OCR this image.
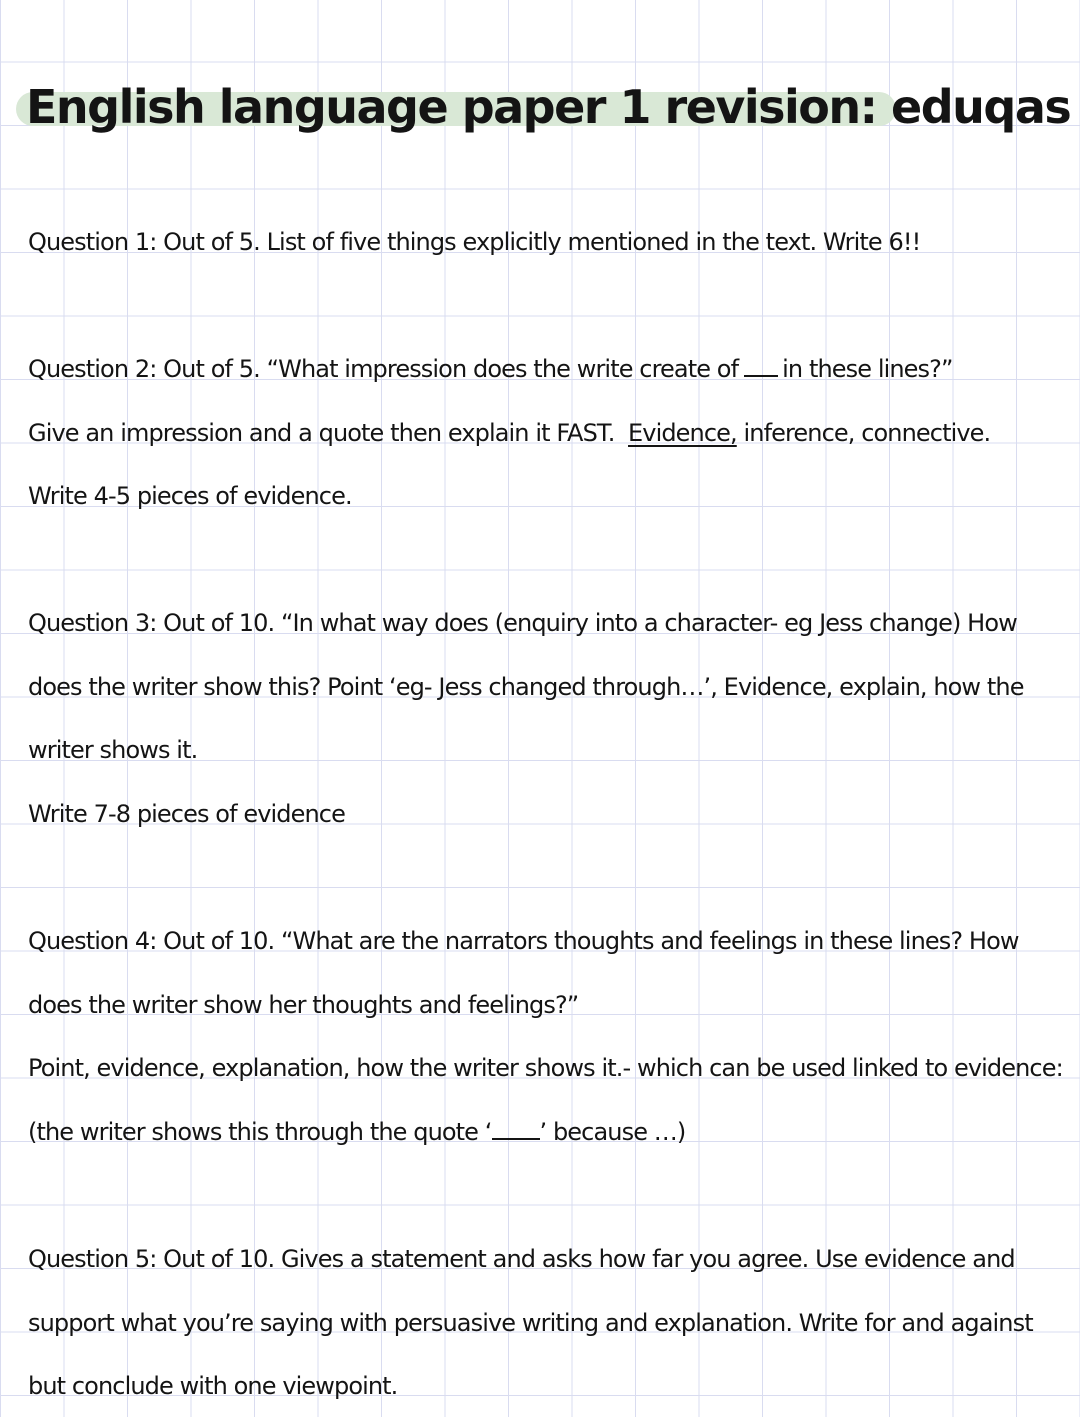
English language paper 1 revision: eduqas

Question 1: Out of 5. List of five things explicitly mentioned in the text. Write 6!!

Question 2: Out of 5. “What impression does the write create of in these lines?”

Give an impression and a quote then explain it FAST. Evidence, inference, connective.

Write 4-5 pieces of evidence.

Question 3: Out of 10. “In what way does (enquiry into a character- eg Jess change) How

does the writer show this? Point ‘eg- Jess changed through…’, Evidence, explain, how the

writer shows it.

Write 7-8 pieces of evidence

Question 4: Out of 10. “What are the narrators thoughts and feelings in these lines? How

does the writer show her thoughts and feelings?”

Point, evidence, explanation, how the writer shows it.- which can be used linked to evidence:

(the writer shows this through the quote ‘ ’ because …)

Question 5: Out of 10. Gives a statement and asks how far you agree. Use evidence and

support what you’re saying with persuasive writing and explanation. Write for and against

but conclude with one viewpoint.
